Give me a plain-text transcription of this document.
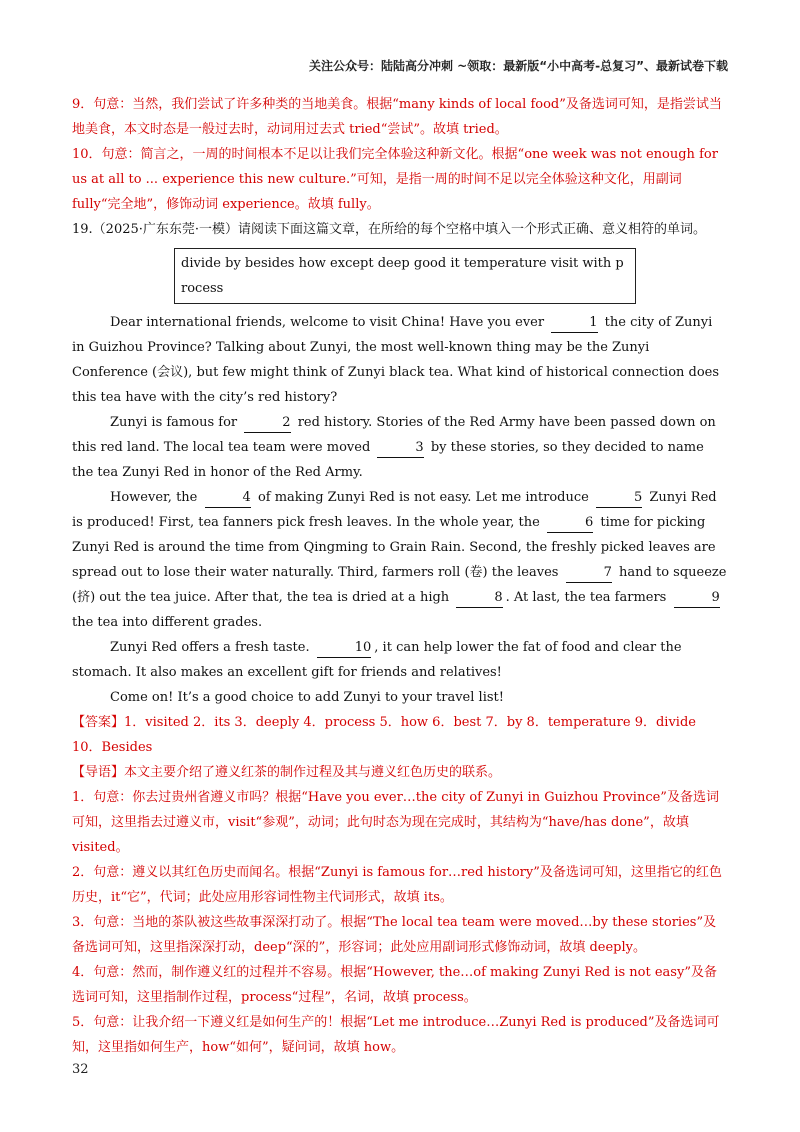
关注公众号：陆陆高分冲刺 ~领取：最新版“小中高考-总复习”、最新试卷下载

9．句意：当然，我们尝试了许多种类的当地美食。根据“many kinds of local food”及备选词可知，是指尝试当地美食，本文时态是一般过去时，动词用过去式 tried“尝试”。故填 tried。

10．句意：简言之，一周的时间根本不足以让我们完全体验这种新文化。根据“one week was not enough for us at all to ... experience this new culture.”可知，是指一周的时间不足以完全体验这种文化，用副词 fully“完全地”，修饰动词 experience。故填 fully。

19.（2025·广东东莞·一模）请阅读下面这篇文章，在所给的每个空格中填入一个形式正确、意义相符的单词。

divide by besides how except deep good it temperature visit with process

Dear international friends, welcome to visit China! Have you ever	1 the city of Zunyi in Guizhou Province? Talking about Zunyi, the most well-known thing may be the Zunyi Conference (会议), but few might think of Zunyi black tea. What kind of historical connection does this tea have with the city’s red history?

Zunyi is famous for	2 red history. Stories of the Red Army have been passed down on this red land. The local tea team were moved	3 by these stories, so they decided to name the tea Zunyi Red in honor of the Red Army.

However, the	4 of making Zunyi Red is not easy. Let me introduce	5 Zunyi Red is produced! First, tea fanners pick fresh leaves. In the whole year, the	6 time for picking Zunyi Red is around the time from Qingming to Grain Rain. Second, the freshly picked leaves are spread out to lose their water naturally. Third, farmers roll (卷) the leaves	7 hand to squeeze (挤) out the tea juice. After that, the tea is dried at a high	8 . At last, the tea farmers	9 the tea into different grades.

Zunyi Red offers a fresh taste.	10 , it can help lower the fat of food and clear the stomach. It also makes an excellent gift for friends and relatives!

Come on! It’s a good choice to add Zunyi to your travel list!

【答案】1．visited 2．its 3．deeply 4．process 5．how 6．best 7．by 8．temperature 9．divide 10．Besides

【导语】本文主要介绍了遵义红茶的制作过程及其与遵义红色历史的联系。

1．句意：你去过贵州省遵义市吗？根据“Have you ever…the city of Zunyi in Guizhou Province”及备选词可知，这里指去过遵义市，visit“参观”，动词；此句时态为现在完成时，其结构为“have/has done”，故填 visited。

2．句意：遵义以其红色历史而闻名。根据“Zunyi is famous for…red history”及备选词可知，这里指它的红色历史，it“它”，代词；此处应用形容词性物主代词形式，故填 its。

3．句意：当地的茶队被这些故事深深打动了。根据“The local tea team were moved…by these stories”及备选词可知，这里指深深打动，deep“深的”，形容词；此处应用副词形式修饰动词，故填 deeply。

4．句意：然而，制作遵义红的过程并不容易。根据“However, the…of making Zunyi Red is not easy”及备选词可知，这里指制作过程，process“过程”，名词，故填 process。

5．句意：让我介绍一下遵义红是如何生产的！根据“Let me introduce…Zunyi Red is produced”及备选词可知，这里指如何生产，how“如何”，疑问词，故填 how。

32
